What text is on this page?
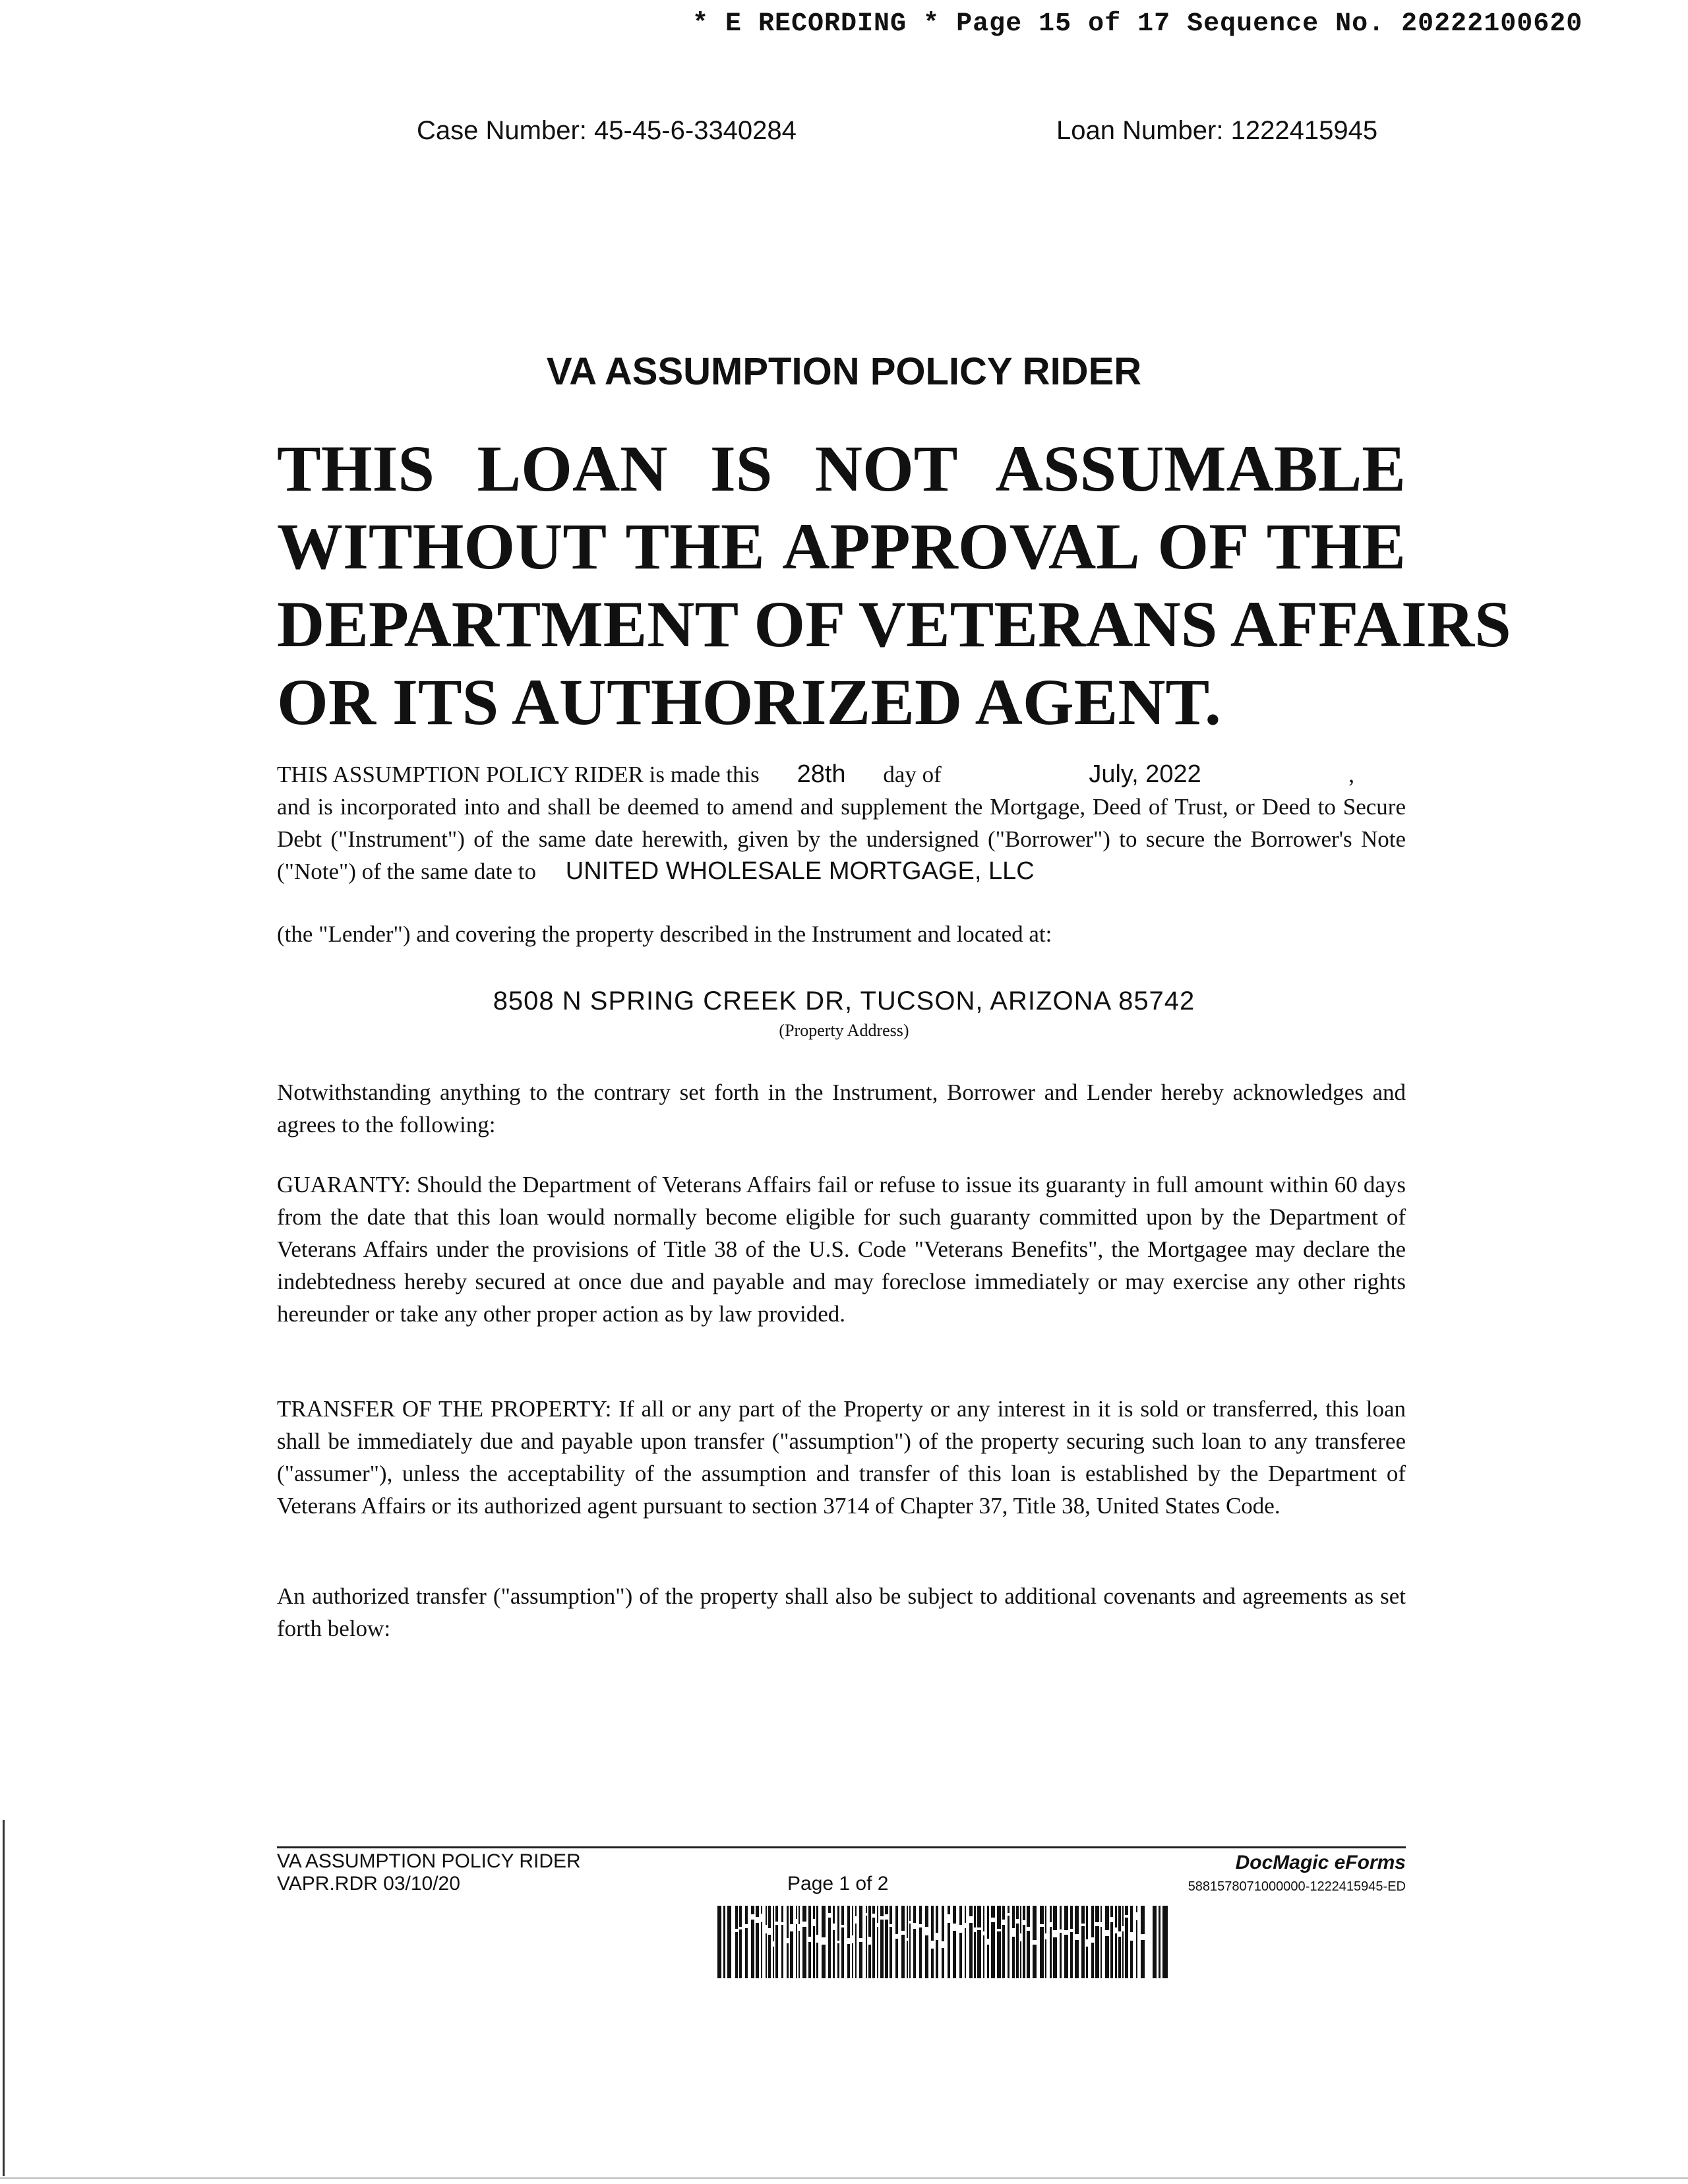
* E RECORDING * Page 15 of 17 Sequence No. 20222100620
Case Number: 45-45-6-3340284	Loan Number: 1222415945
VA ASSUMPTION POLICY RIDER
THIS LOAN IS NOT ASSUMABLE
WITHOUT THE APPROVAL OF THE
DEPARTMENT OF VETERANS AFFAIRS
OR ITS AUTHORIZED AGENT.
THIS ASSUMPTION POLICY RIDER is made this 28th day of	July, 2022	,
and is incorporated into and shall be deemed to amend and supplement the Mortgage, Deed of Trust, or Deed to Secure Debt ("Instrument") of the same date herewith, given by the undersigned ("Borrower") to secure the Borrower's Note ("Note") of the same date to UNITED WHOLESALE MORTGAGE, LLC
(the "Lender") and covering the property described in the Instrument and located at:
8508 N SPRING CREEK DR, TUCSON, ARIZONA 85742
(Property Address)
Notwithstanding anything to the contrary set forth in the Instrument, Borrower and Lender hereby acknowledges and agrees to the following:
GUARANTY: Should the Department of Veterans Affairs fail or refuse to issue its guaranty in full amount within 60 days from the date that this loan would normally become eligible for such guaranty committed upon by the Department of Veterans Affairs under the provisions of Title 38 of the U.S. Code "Veterans Benefits", the Mortgagee may declare the indebtedness hereby secured at once due and payable and may foreclose immediately or may exercise any other rights hereunder or take any other proper action as by law provided.
TRANSFER OF THE PROPERTY: If all or any part of the Property or any interest in it is sold or transferred, this loan shall be immediately due and payable upon transfer ("assumption") of the property securing such loan to any transferee ("assumer"), unless the acceptability of the assumption and transfer of this loan is established by the Department of Veterans Affairs or its authorized agent pursuant to section 3714 of Chapter 37, Title 38, United States Code.
An authorized transfer ("assumption") of the property shall also be subject to additional covenants and agreements as set forth below:
VA ASSUMPTION POLICY RIDER
VAPR.RDR 03/10/20	Page 1 of 2
DocMagic eForms
5881578071000000-1222415945-ED
